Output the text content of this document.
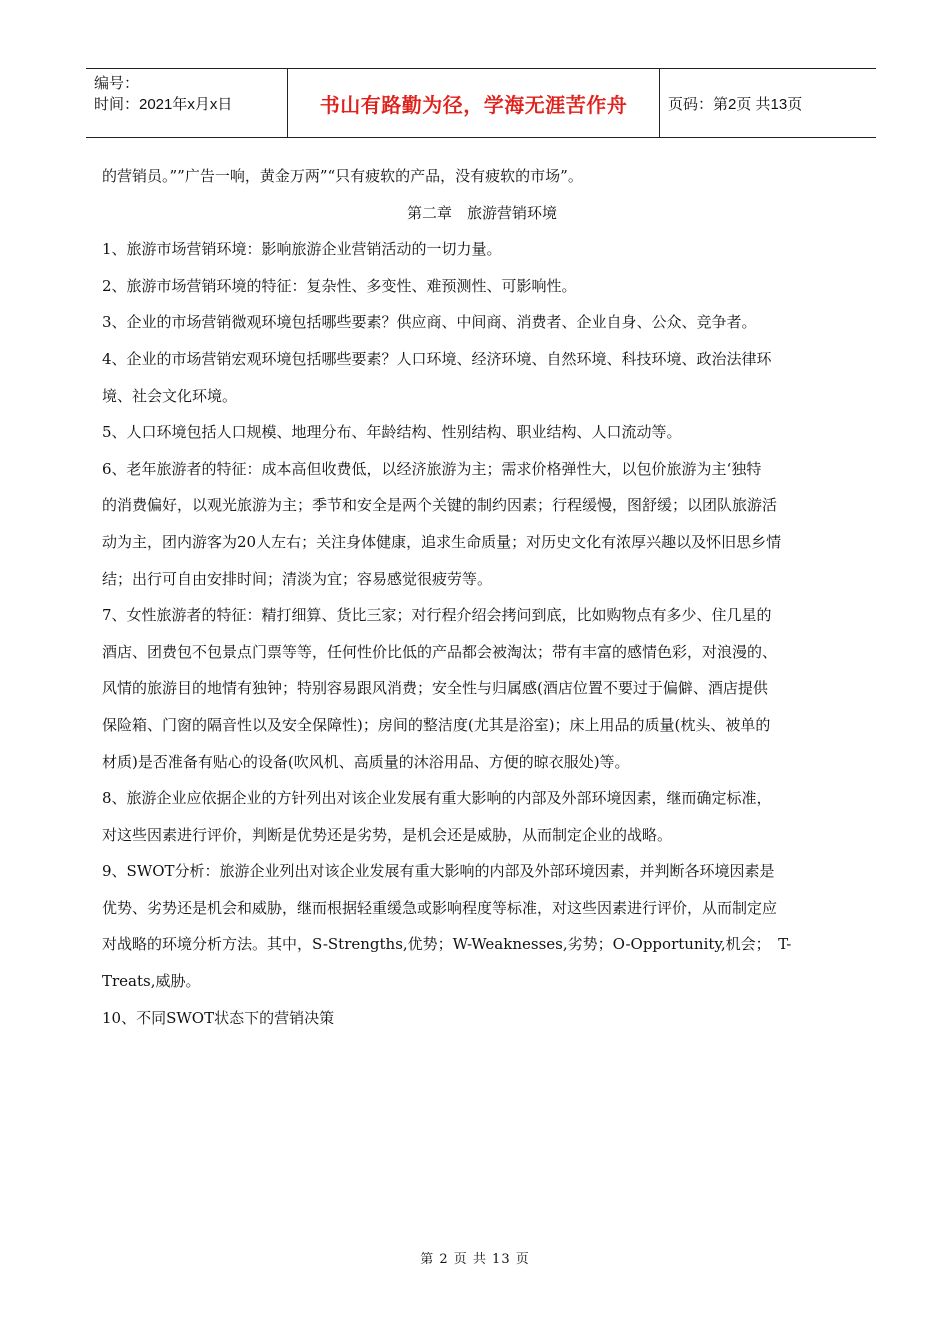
编号：
时间：2021年x月x日	书山有路勤为径，学海无涯苦作舟	页码：第2页 共13页

的营销员。””广告一响，黄金万两”“只有疲软的产品，没有疲软的市场”。

第二章　旅游营销环境

1、旅游市场营销环境：影响旅游企业营销活动的一切力量。

2、旅游市场营销环境的特征：复杂性、多变性、难预测性、可影响性。

3、企业的市场营销微观环境包括哪些要素？供应商、中间商、消费者、企业自身、公众、竞争者。

4、企业的市场营销宏观环境包括哪些要素？人口环境、经济环境、自然环境、科技环境、政治法律环

境、社会文化环境。

5、人口环境包括人口规模、地理分布、年龄结构、性别结构、职业结构、人口流动等。

6、老年旅游者的特征：成本高但收费低，以经济旅游为主；需求价格弹性大，以包价旅游为主‘独特

的消费偏好，以观光旅游为主；季节和安全是两个关键的制约因素；行程缓慢，图舒缓；以团队旅游活

动为主，团内游客为20人左右；关注身体健康，追求生命质量；对历史文化有浓厚兴趣以及怀旧思乡情

结；出行可自由安排时间；清淡为宜；容易感觉很疲劳等。

7、女性旅游者的特征：精打细算、货比三家；对行程介绍会拷问到底，比如购物点有多少、住几星的

酒店、团费包不包景点门票等等，任何性价比低的产品都会被淘汰；带有丰富的感情色彩，对浪漫的、

风情的旅游目的地情有独钟；特别容易跟风消费；安全性与归属感(酒店位置不要过于偏僻、酒店提供

保险箱、门窗的隔音性以及安全保障性)；房间的整洁度(尤其是浴室)；床上用品的质量(枕头、被单的

材质)是否准备有贴心的设备(吹风机、高质量的沐浴用品、方便的晾衣服处)等。

8、旅游企业应依据企业的方针列出对该企业发展有重大影响的内部及外部环境因素，继而确定标准，

对这些因素进行评价，判断是优势还是劣势，是机会还是威胁，从而制定企业的战略。

9、SWOT分析：旅游企业列出对该企业发展有重大影响的内部及外部环境因素，并判断各环境因素是

优势、劣势还是机会和威胁，继而根据轻重缓急或影响程度等标准，对这些因素进行评价，从而制定应

对战略的环境分析方法。其中，S-Strengths,优势；W-Weaknesses,劣势；O-Opportunity,机会；　T-

Treats,威胁。

10、不同SWOT状态下的营销决策

第 2 页 共 13 页
